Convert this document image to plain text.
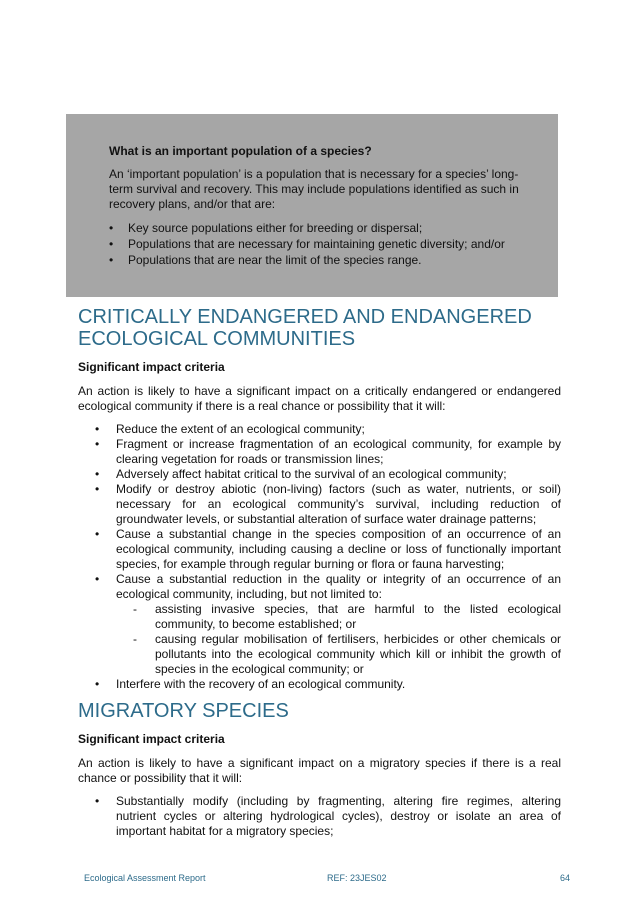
What is an important population of a species?

An ‘important population’ is a population that is necessary for a species’ long-term survival and recovery. This may include populations identified as such in recovery plans, and/or that are:

• Key source populations either for breeding or dispersal;
• Populations that are necessary for maintaining genetic diversity; and/or
• Populations that are near the limit of the species range.
CRITICALLY ENDANGERED AND ENDANGERED ECOLOGICAL COMMUNITIES

Significant impact criteria

An action is likely to have a significant impact on a critically endangered or endangered ecological community if there is a real chance or possibility that it will:

• Reduce the extent of an ecological community;
• Fragment or increase fragmentation of an ecological community, for example by clearing vegetation for roads or transmission lines;
• Adversely affect habitat critical to the survival of an ecological community;
• Modify or destroy abiotic (non-living) factors (such as water, nutrients, or soil) necessary for an ecological community’s survival, including reduction of groundwater levels, or substantial alteration of surface water drainage patterns;
• Cause a substantial change in the species composition of an occurrence of an ecological community, including causing a decline or loss of functionally important species, for example through regular burning or flora or fauna harvesting;
• Cause a substantial reduction in the quality or integrity of an occurrence of an ecological community, including, but not limited to:
- assisting invasive species, that are harmful to the listed ecological community, to become established; or
- causing regular mobilisation of fertilisers, herbicides or other chemicals or pollutants into the ecological community which kill or inhibit the growth of species in the ecological community; or
• Interfere with the recovery of an ecological community.
MIGRATORY SPECIES

Significant impact criteria

An action is likely to have a significant impact on a migratory species if there is a real chance or possibility that it will:

• Substantially modify (including by fragmenting, altering fire regimes, altering nutrient cycles or altering hydrological cycles), destroy or isolate an area of important habitat for a migratory species;
Ecological Assessment Report	REF: 23JES02	64
